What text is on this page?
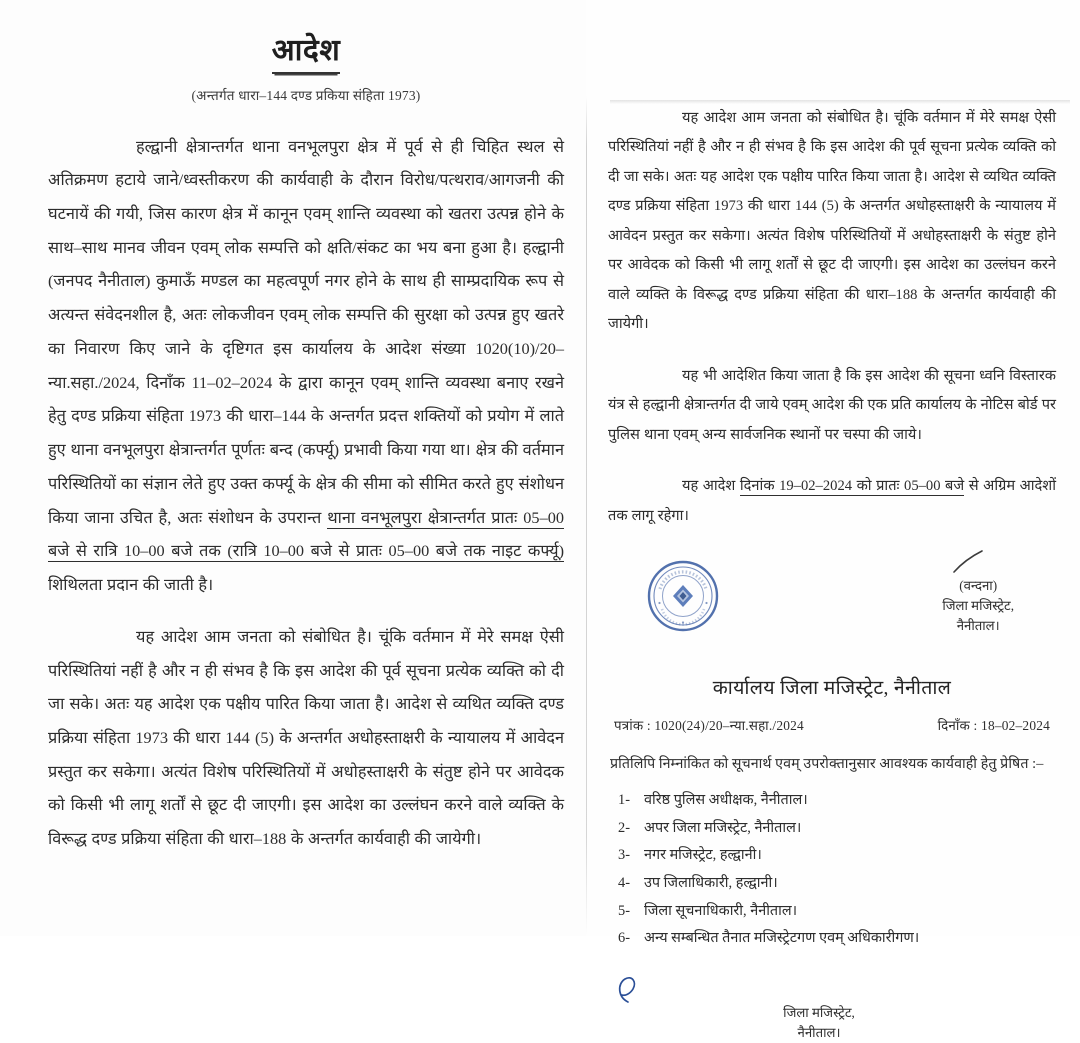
आदेश
(अन्तर्गत धारा–144 दण्ड प्रकिया संहिता 1973)

हल्द्वानी क्षेत्रान्तर्गत थाना वनभूलपुरा क्षेत्र में पूर्व से ही चिहित स्थल से अतिक्रमण हटाये जाने/ध्वस्तीकरण की कार्यवाही के दौरान विरोध/पत्थराव/आगजनी की घटनायें की गयी, जिस कारण क्षेत्र में कानून एवम् शान्ति व्यवस्था को खतरा उत्पन्न होने के साथ–साथ मानव जीवन एवम् लोक सम्पत्ति को क्षति/संकट का भय बना हुआ है। हल्द्वानी (जनपद नैनीताल) कुमाऊँ मण्डल का महत्वपूर्ण नगर होने के साथ ही साम्प्रदायिक रूप से अत्यन्त संवेदनशील है, अतः लोकजीवन एवम् लोक सम्पत्ति की सुरक्षा को उत्पन्न हुए खतरे का निवारण किए जाने के दृष्टिगत इस कार्यालय के आदेश संख्या 1020(10)/20–न्या.सहा./2024, दिनाँक 11–02–2024 के द्वारा कानून एवम् शान्ति व्यवस्था बनाए रखने हेतु दण्ड प्रक्रिया संहिता 1973 की धारा–144 के अन्तर्गत प्रदत्त शक्तियों को प्रयोग में लाते हुए थाना वनभूलपुरा क्षेत्रान्तर्गत पूर्णतः बन्द (कर्फ्यू) प्रभावी किया गया था। क्षेत्र की वर्तमान परिस्थितियों का संज्ञान लेते हुए उक्त कर्फ्यू के क्षेत्र की सीमा को सीमित करते हुए संशोधन किया जाना उचित है, अतः संशोधन के उपरान्त थाना वनभूलपुरा क्षेत्रान्तर्गत प्रातः 05–00 बजे से रात्रि 10–00 बजे तक (रात्रि 10–00 बजे से प्रातः 05–00 बजे तक नाइट कर्फ्यू) शिथिलता प्रदान की जाती है।

यह आदेश आम जनता को संबोधित है। चूंकि वर्तमान में मेरे समक्ष ऐसी परिस्थितियां नहीं है और न ही संभव है कि इस आदेश की पूर्व सूचना प्रत्येक व्यक्ति को दी जा सके। अतः यह आदेश एक पक्षीय पारित किया जाता है। आदेश से व्यथित व्यक्ति दण्ड प्रक्रिया संहिता 1973 की धारा 144 (5) के अन्तर्गत अधोहस्ताक्षरी के न्यायालय में आवेदन प्रस्तुत कर सकेगा। अत्यंत विशेष परिस्थितियों में अधोहस्ताक्षरी के संतुष्ट होने पर आवेदक को किसी भी लागू शर्तों से छूट दी जाएगी। इस आदेश का उल्लंघन करने वाले व्यक्ति के विरूद्ध दण्ड प्रक्रिया संहिता की धारा–188 के अन्तर्गत कार्यवाही की जायेगी।

यह आदेश आम जनता को संबोधित है। चूंकि वर्तमान में मेरे समक्ष ऐसी परिस्थितियां नहीं है और न ही संभव है कि इस आदेश की पूर्व सूचना प्रत्येक व्यक्ति को दी जा सके। अतः यह आदेश एक पक्षीय पारित किया जाता है। आदेश से व्यथित व्यक्ति दण्ड प्रक्रिया संहिता 1973 की धारा 144 (5) के अन्तर्गत अधोहस्ताक्षरी के न्यायालय में आवेदन प्रस्तुत कर सकेगा। अत्यंत विशेष परिस्थितियों में अधोहस्ताक्षरी के संतुष्ट होने पर आवेदक को किसी भी लागू शर्तों से छूट दी जाएगी। इस आदेश का उल्लंघन करने वाले व्यक्ति के विरूद्ध दण्ड प्रक्रिया संहिता की धारा–188 के अन्तर्गत कार्यवाही की जायेगी।

यह भी आदेशित किया जाता है कि इस आदेश की सूचना ध्वनि विस्तारक यंत्र से हल्द्वानी क्षेत्रान्तर्गत दी जाये एवम् आदेश की एक प्रति कार्यालय के नोटिस बोर्ड पर पुलिस थाना एवम् अन्य सार्वजनिक स्थानों पर चस्पा की जाये।

यह आदेश दिनांक 19–02–2024 को प्रातः 05–00 बजे से अग्रिम आदेशों तक लागू रहेगा।

(वन्दना)
जिला मजिस्ट्रेट,
नैनीताल।
कार्यालय जिला मजिस्ट्रेट, नैनीताल
पत्रांक : 1020(24)/20–न्या.सहा./2024	दिनाँक : 18–02–2024
प्रतिलिपि निम्नांकित को सूचनार्थ एवम् उपरोक्तानुसार आवश्यक कार्यवाही हेतु प्रेषित :–
1- वरिष्ठ पुलिस अधीक्षक, नैनीताल।
2- अपर जिला मजिस्ट्रेट, नैनीताल।
3- नगर मजिस्ट्रेट, हल्द्वानी।
4- उप जिलाधिकारी, हल्द्वानी।
5- जिला सूचनाधिकारी, नैनीताल।
6- अन्य सम्बन्धित तैनात मजिस्ट्रेटगण एवम् अधिकारीगण।
जिला मजिस्ट्रेट,
नैनीताल।
